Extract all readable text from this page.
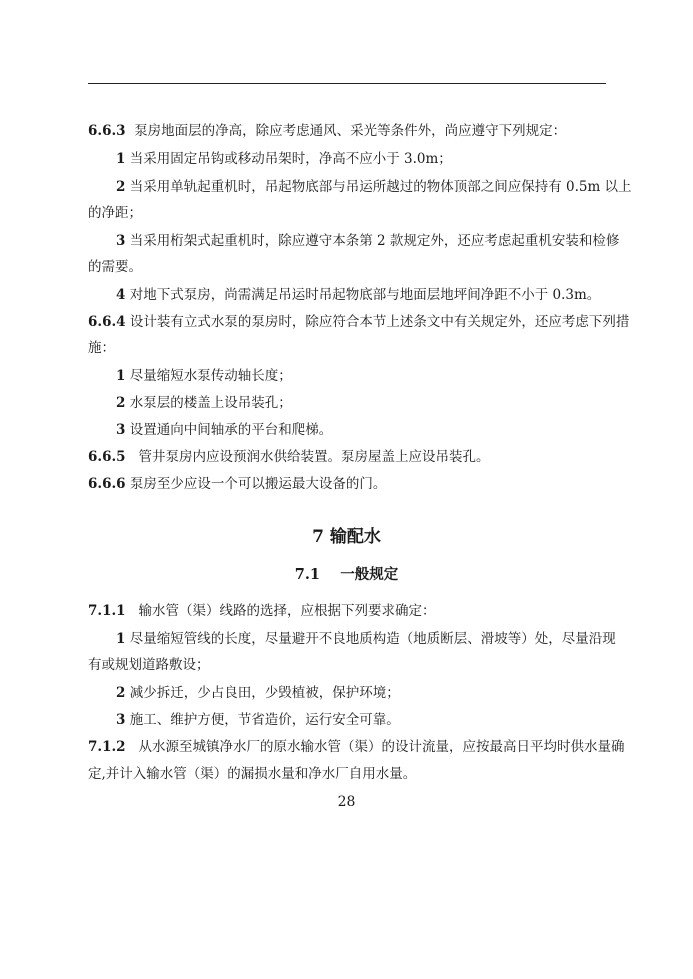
6.6.3 泵房地面层的净高，除应考虑通风、采光等条件外，尚应遵守下列规定：
1 当采用固定吊钩或移动吊架时，净高不应小于 3.0m；
2 当采用单轨起重机时，吊起物底部与吊运所越过的物体顶部之间应保持有 0.5m 以上
的净距；
3 当采用桁架式起重机时，除应遵守本条第 2 款规定外，还应考虑起重机安装和检修
的需要。
4 对地下式泵房，尚需满足吊运时吊起物底部与地面层地坪间净距不小于 0.3m。
6.6.4 设计装有立式水泵的泵房时，除应符合本节上述条文中有关规定外，还应考虑下列措
施：
1 尽量缩短水泵传动轴长度；
2 水泵层的楼盖上设吊装孔；
3 设置通向中间轴承的平台和爬梯。
6.6.5 管井泵房内应设预润水供给装置。泵房屋盖上应设吊装孔。
6.6.6 泵房至少应设一个可以搬运最大设备的门。
7 输配水
7.1 一般规定
7.1.1 输水管（渠）线路的选择，应根据下列要求确定：
1 尽量缩短管线的长度，尽量避开不良地质构造（地质断层、滑坡等）处，尽量沿现
有或规划道路敷设；
2 减少拆迁，少占良田，少毁植被，保护环境；
3 施工、维护方便，节省造价，运行安全可靠。
7.1.2 从水源至城镇净水厂的原水输水管（渠）的设计流量，应按最高日平均时供水量确
定,并计入输水管（渠）的漏损水量和净水厂自用水量。
28
